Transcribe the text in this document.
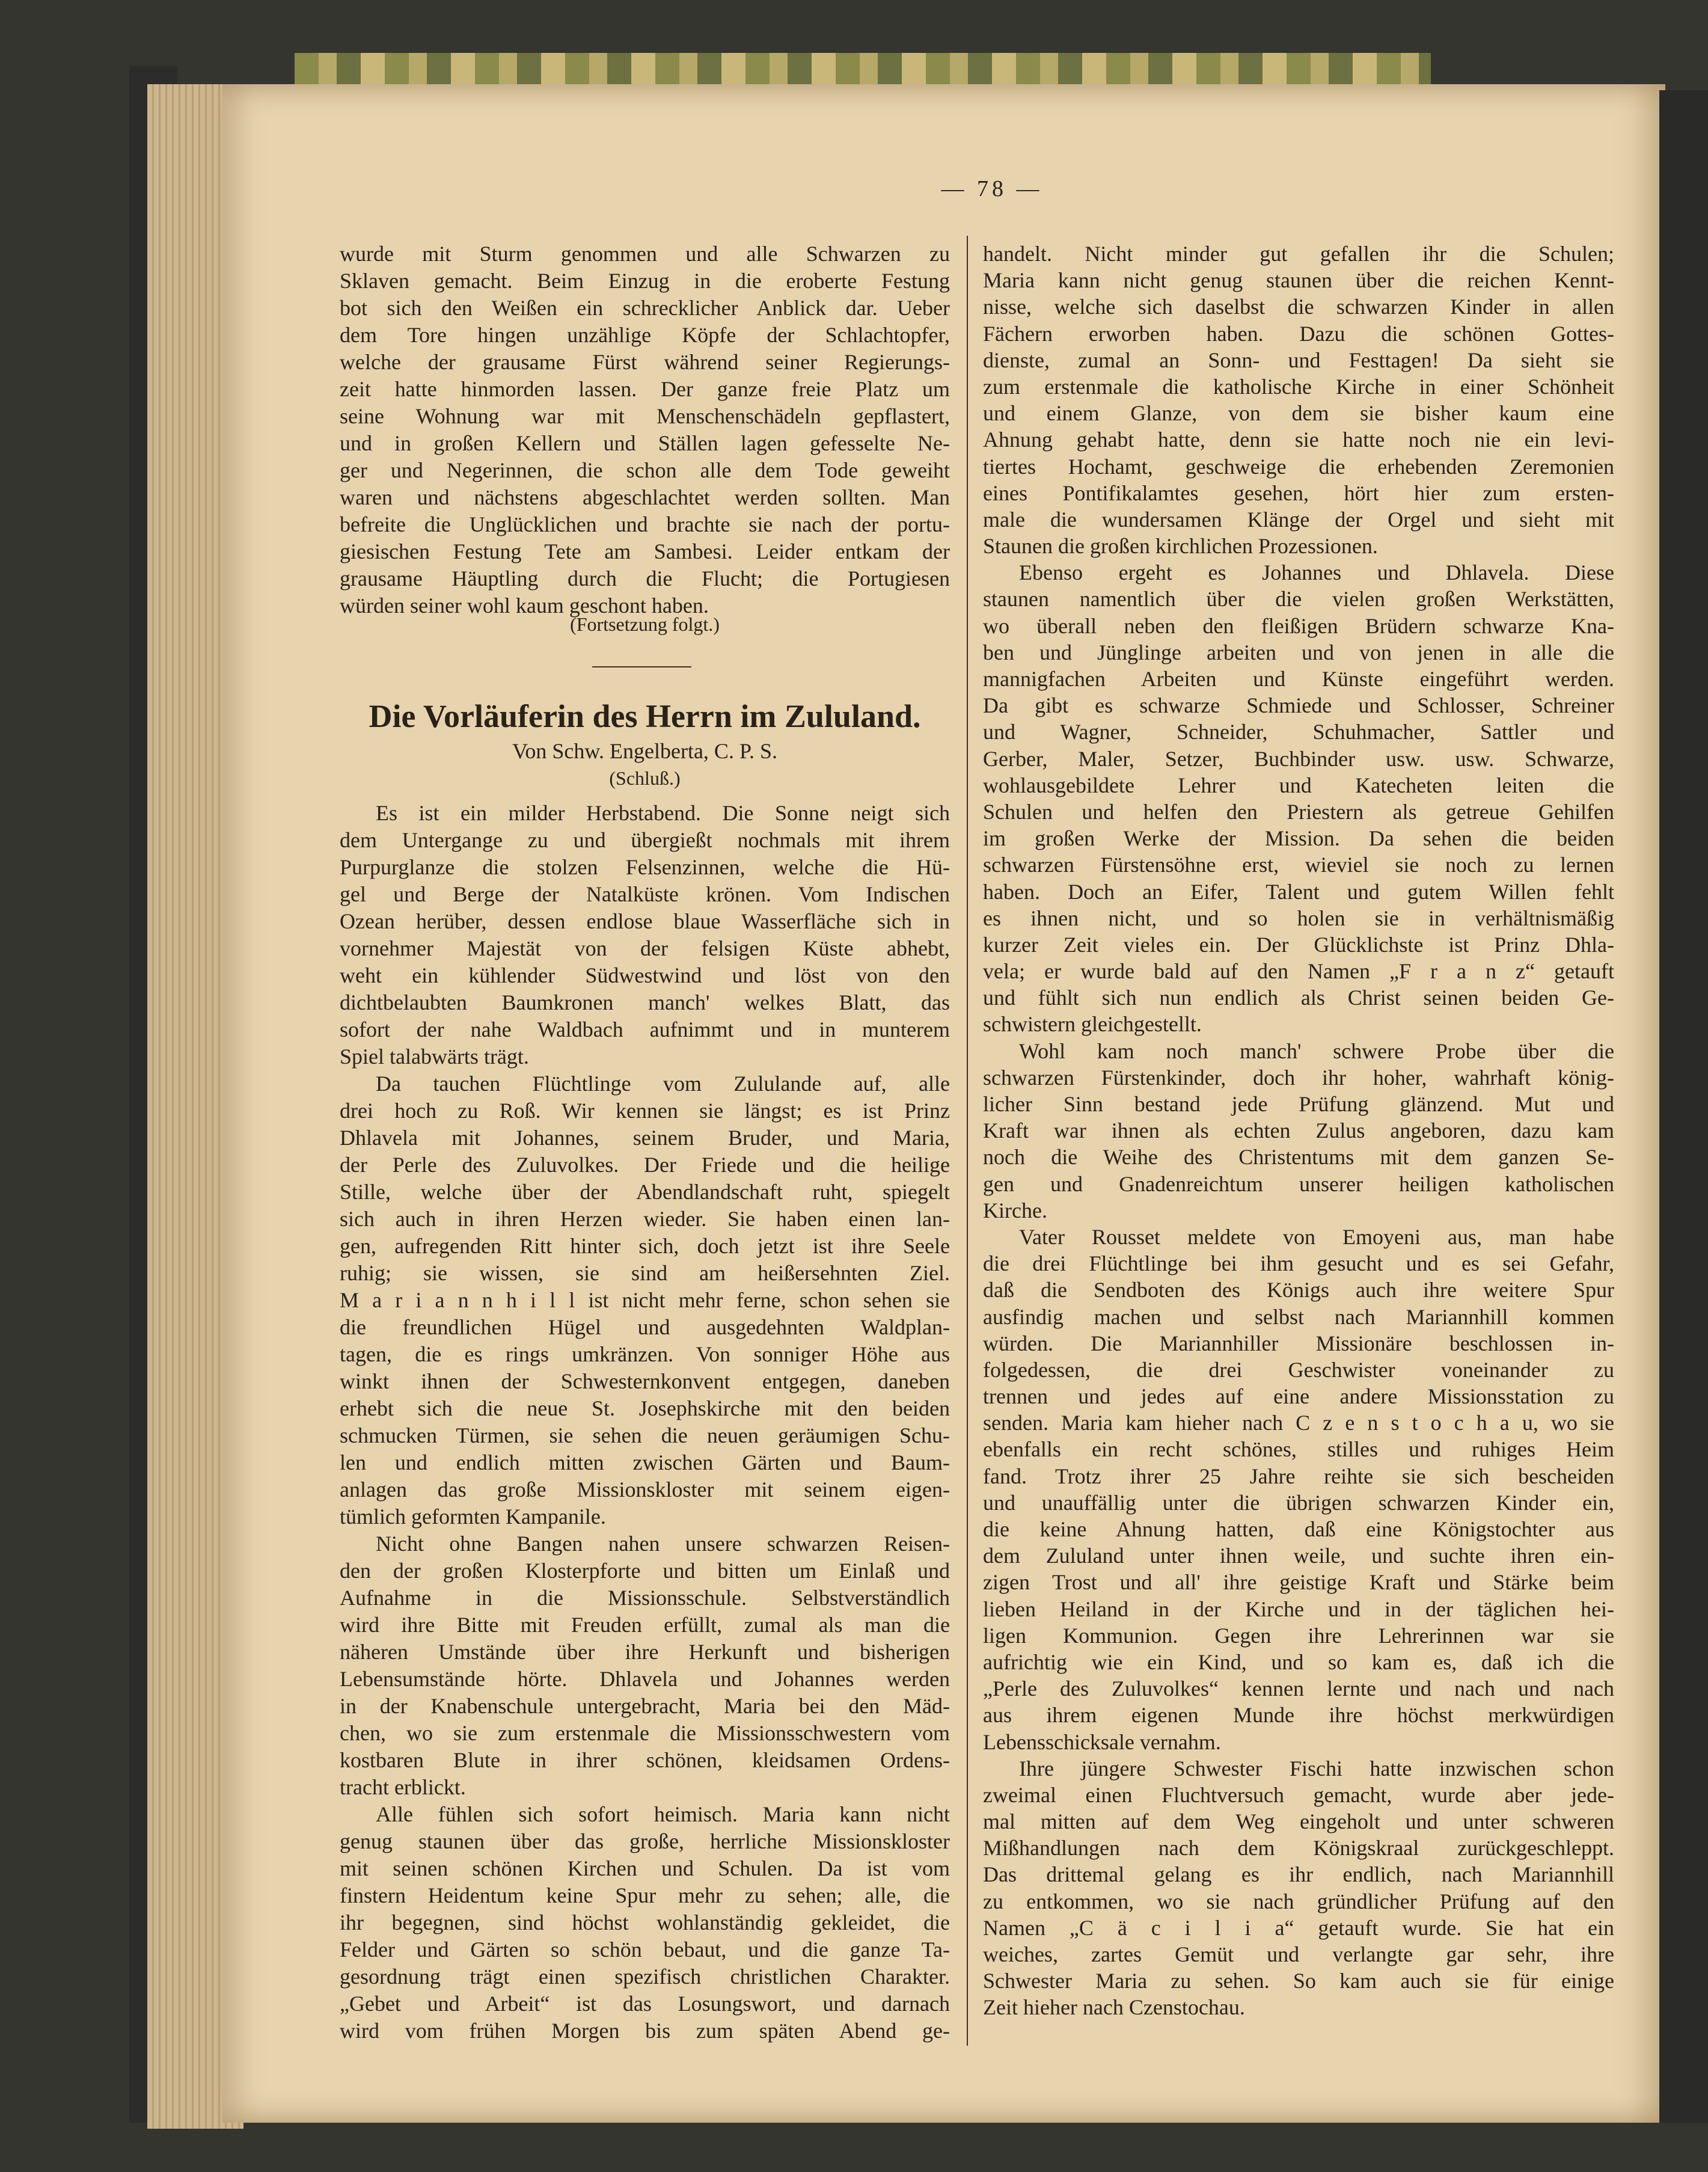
— 78 —
wurde mit Sturm genommen und alle Schwarzen zu
Sklaven gemacht. Beim Einzug in die eroberte Festung
bot sich den Weißen ein schrecklicher Anblick dar. Ueber
dem Tore hingen unzählige Köpfe der Schlachtopfer,
welche der grausame Fürst während seiner Regierungs-
zeit hatte hinmorden lassen. Der ganze freie Platz um
seine Wohnung war mit Menschenschädeln gepflastert,
und in großen Kellern und Ställen lagen gefesselte Ne-
ger und Negerinnen, die schon alle dem Tode geweiht
waren und nächstens abgeschlachtet werden sollten. Man
befreite die Unglücklichen und brachte sie nach der portu-
giesischen Festung Tete am Sambesi. Leider entkam der
grausame Häuptling durch die Flucht; die Portugiesen
würden seiner wohl kaum geschont haben.
(Fortsetzung folgt.)
Die Vorläuferin des Herrn im Zululand.
Von Schw. Engelberta, C. P. S.
(Schluß.)
Es ist ein milder Herbstabend. Die Sonne neigt sich
dem Untergange zu und übergießt nochmals mit ihrem
Purpurglanze die stolzen Felsenzinnen, welche die Hü-
gel und Berge der Natalküste krönen. Vom Indischen
Ozean herüber, dessen endlose blaue Wasserfläche sich in
vornehmer Majestät von der felsigen Küste abhebt,
weht ein kühlender Südwestwind und löst von den
dichtbelaubten Baumkronen manch' welkes Blatt, das
sofort der nahe Waldbach aufnimmt und in munterem
Spiel talabwärts trägt.
Da tauchen Flüchtlinge vom Zululande auf, alle
drei hoch zu Roß. Wir kennen sie längst; es ist Prinz
Dhlavela mit Johannes, seinem Bruder, und Maria,
der Perle des Zuluvolkes. Der Friede und die heilige
Stille, welche über der Abendlandschaft ruht, spiegelt
sich auch in ihren Herzen wieder. Sie haben einen lan-
gen, aufregenden Ritt hinter sich, doch jetzt ist ihre Seele
ruhig; sie wissen, sie sind am heißersehnten Ziel.
M a r i a n n h i l l ist nicht mehr ferne, schon sehen sie
die freundlichen Hügel und ausgedehnten Waldplan-
tagen, die es rings umkränzen. Von sonniger Höhe aus
winkt ihnen der Schwesternkonvent entgegen, daneben
erhebt sich die neue St. Josephskirche mit den beiden
schmucken Türmen, sie sehen die neuen geräumigen Schu-
len und endlich mitten zwischen Gärten und Baum-
anlagen das große Missionskloster mit seinem eigen-
tümlich geformten Kampanile.
Nicht ohne Bangen nahen unsere schwarzen Reisen-
den der großen Klosterpforte und bitten um Einlaß und
Aufnahme in die Missionsschule. Selbstverständlich
wird ihre Bitte mit Freuden erfüllt, zumal als man die
näheren Umstände über ihre Herkunft und bisherigen
Lebensumstände hörte. Dhlavela und Johannes werden
in der Knabenschule untergebracht, Maria bei den Mäd-
chen, wo sie zum erstenmale die Missionsschwestern vom
kostbaren Blute in ihrer schönen, kleidsamen Ordens-
tracht erblickt.
Alle fühlen sich sofort heimisch. Maria kann nicht
genug staunen über das große, herrliche Missionskloster
mit seinen schönen Kirchen und Schulen. Da ist vom
finstern Heidentum keine Spur mehr zu sehen; alle, die
ihr begegnen, sind höchst wohlanständig gekleidet, die
Felder und Gärten so schön bebaut, und die ganze Ta-
gesordnung trägt einen spezifisch christlichen Charakter.
„Gebet und Arbeit“ ist das Losungswort, und darnach
wird vom frühen Morgen bis zum späten Abend ge-
handelt. Nicht minder gut gefallen ihr die Schulen;
Maria kann nicht genug staunen über die reichen Kennt-
nisse, welche sich daselbst die schwarzen Kinder in allen
Fächern erworben haben. Dazu die schönen Gottes-
dienste, zumal an Sonn- und Festtagen! Da sieht sie
zum erstenmale die katholische Kirche in einer Schönheit
und einem Glanze, von dem sie bisher kaum eine
Ahnung gehabt hatte, denn sie hatte noch nie ein levi-
tiertes Hochamt, geschweige die erhebenden Zeremonien
eines Pontifikalamtes gesehen, hört hier zum ersten-
male die wundersamen Klänge der Orgel und sieht mit
Staunen die großen kirchlichen Prozessionen.
Ebenso ergeht es Johannes und Dhlavela. Diese
staunen namentlich über die vielen großen Werkstätten,
wo überall neben den fleißigen Brüdern schwarze Kna-
ben und Jünglinge arbeiten und von jenen in alle die
mannigfachen Arbeiten und Künste eingeführt werden.
Da gibt es schwarze Schmiede und Schlosser, Schreiner
und Wagner, Schneider, Schuhmacher, Sattler und
Gerber, Maler, Setzer, Buchbinder usw. usw. Schwarze,
wohlausgebildete Lehrer und Katecheten leiten die
Schulen und helfen den Priestern als getreue Gehilfen
im großen Werke der Mission. Da sehen die beiden
schwarzen Fürstensöhne erst, wieviel sie noch zu lernen
haben. Doch an Eifer, Talent und gutem Willen fehlt
es ihnen nicht, und so holen sie in verhältnismäßig
kurzer Zeit vieles ein. Der Glücklichste ist Prinz Dhla-
vela; er wurde bald auf den Namen „F r a n z“ getauft
und fühlt sich nun endlich als Christ seinen beiden Ge-
schwistern gleichgestellt.
Wohl kam noch manch' schwere Probe über die
schwarzen Fürstenkinder, doch ihr hoher, wahrhaft könig-
licher Sinn bestand jede Prüfung glänzend. Mut und
Kraft war ihnen als echten Zulus angeboren, dazu kam
noch die Weihe des Christentums mit dem ganzen Se-
gen und Gnadenreichtum unserer heiligen katholischen
Kirche.
Vater Rousset meldete von Emoyeni aus, man habe
die drei Flüchtlinge bei ihm gesucht und es sei Gefahr,
daß die Sendboten des Königs auch ihre weitere Spur
ausfindig machen und selbst nach Mariannhill kommen
würden. Die Mariannhiller Missionäre beschlossen in-
folgedessen, die drei Geschwister voneinander zu
trennen und jedes auf eine andere Missionsstation zu
senden. Maria kam hieher nach C z e n s t o c h a u, wo sie
ebenfalls ein recht schönes, stilles und ruhiges Heim
fand. Trotz ihrer 25 Jahre reihte sie sich bescheiden
und unauffällig unter die übrigen schwarzen Kinder ein,
die keine Ahnung hatten, daß eine Königstochter aus
dem Zululand unter ihnen weile, und suchte ihren ein-
zigen Trost und all' ihre geistige Kraft und Stärke beim
lieben Heiland in der Kirche und in der täglichen hei-
ligen Kommunion. Gegen ihre Lehrerinnen war sie
aufrichtig wie ein Kind, und so kam es, daß ich die
„Perle des Zuluvolkes“ kennen lernte und nach und nach
aus ihrem eigenen Munde ihre höchst merkwürdigen
Lebensschicksale vernahm.
Ihre jüngere Schwester Fischi hatte inzwischen schon
zweimal einen Fluchtversuch gemacht, wurde aber jede-
mal mitten auf dem Weg eingeholt und unter schweren
Mißhandlungen nach dem Königskraal zurückgeschleppt.
Das drittemal gelang es ihr endlich, nach Mariannhill
zu entkommen, wo sie nach gründlicher Prüfung auf den
Namen „C ä c i l i a“ getauft wurde. Sie hat ein
weiches, zartes Gemüt und verlangte gar sehr, ihre
Schwester Maria zu sehen. So kam auch sie für einige
Zeit hieher nach Czenstochau.
